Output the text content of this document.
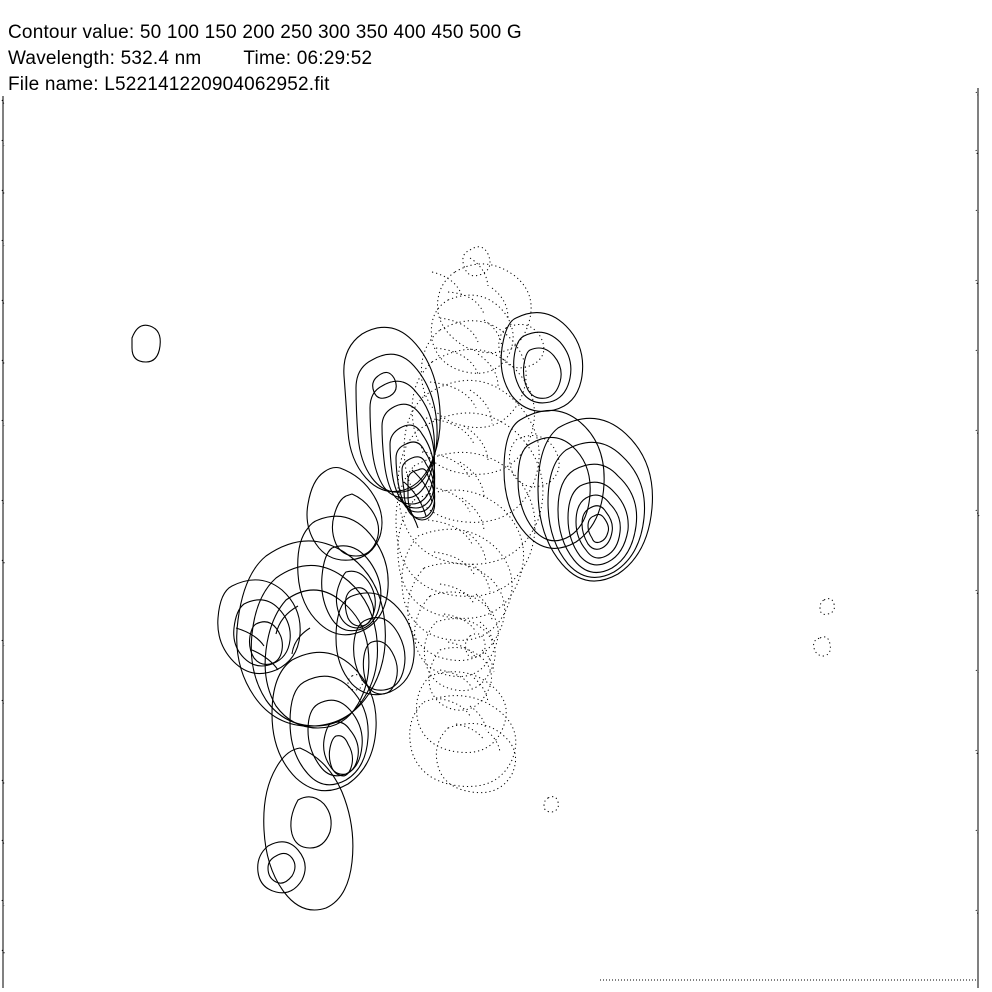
Contour value: 50 100 150 200 250 300 350 400 450 500 G
Wavelength: 532.4 nm Time: 06:29:52
File name: L522141220904062952.fit
